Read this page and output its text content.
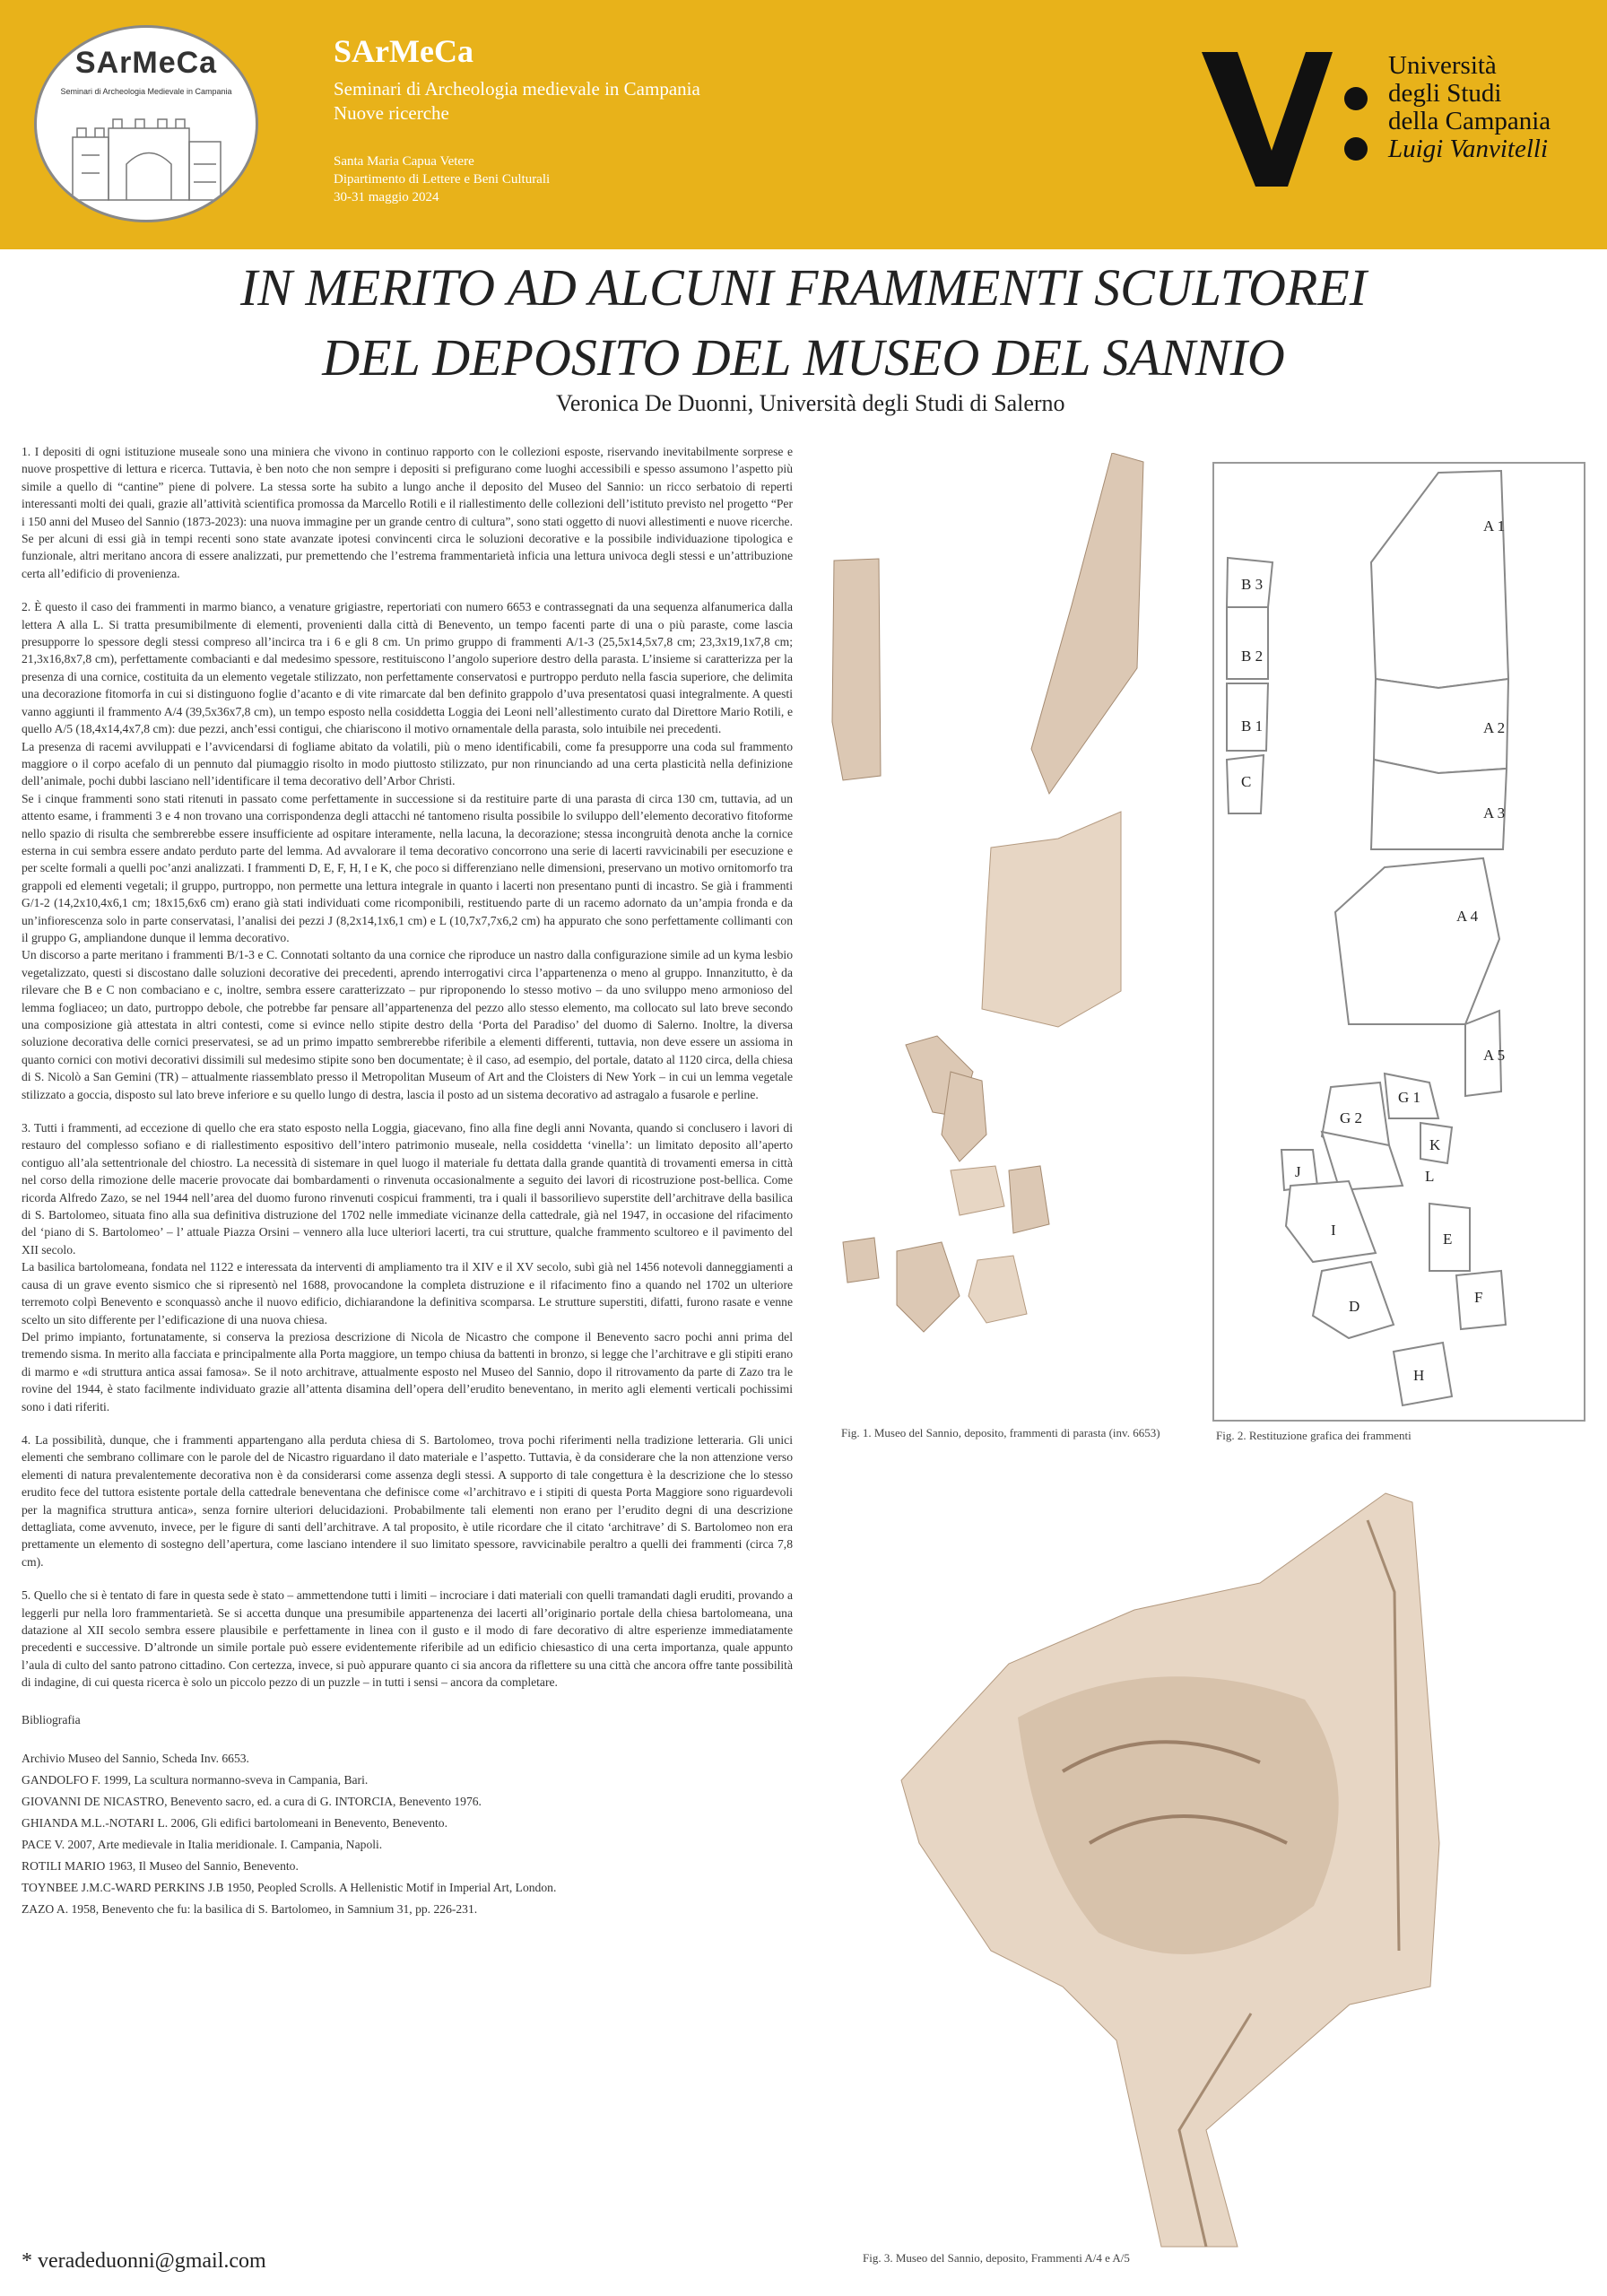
SArMeCa
Seminari di Archeologia Medievale in Campania
SArMeCa
Seminari di Archeologia medievale in Campania
Nuove ricerche
Santa Maria Capua Vetere
Dipartimento di Lettere e Beni Culturali
30-31 maggio 2024
Università
degli Studi
della Campania
Luigi Vanvitelli
IN MERITO AD ALCUNI FRAMMENTI SCULTOREI
DEL DEPOSITO DEL MUSEO DEL SANNIO
Veronica De Duonni, Università degli Studi di Salerno

1. I depositi di ogni istituzione museale sono una miniera che vivono in continuo rapporto con le collezioni esposte, riservando inevitabilmente sorprese e nuove prospettive di lettura e ricerca. Tuttavia, è ben noto che non sempre i depositi si prefigurano come luoghi accessibili e spesso assumono l’aspetto più simile a quello di “cantine” piene di polvere. La stessa sorte ha subito a lungo anche il deposito del Museo del Sannio: un ricco serbatoio di reperti interessanti molti dei quali, grazie all’attività scientifica promossa da Marcello Rotili e il riallestimento delle collezioni dell’istituto previsto nel progetto “Per i 150 anni del Museo del Sannio (1873-2023): una nuova immagine per un grande centro di cultura”, sono stati oggetto di nuovi allestimenti e nuove ricerche. Se per alcuni di essi già in tempi recenti sono state avanzate ipotesi convincenti circa le soluzioni decorative e la possibile individuazione tipologica e funzionale, altri meritano ancora di essere analizzati, pur premettendo che l’estrema frammentarietà inficia una lettura univoca degli stessi e un’attribuzione certa all’edificio di provenienza.

2. È questo il caso dei frammenti in marmo bianco, a venature grigiastre, repertoriati con numero 6653 e contrassegnati da una sequenza alfanumerica dalla lettera A alla L. Si tratta presumibilmente di elementi, provenienti dalla città di Benevento, un tempo facenti parte di una o più paraste, come lascia presupporre lo spessore degli stessi compreso all’incirca tra i 6 e gli 8 cm. Un primo gruppo di frammenti A/1-3 (25,5x14,5x7,8 cm; 23,3x19,1x7,8 cm; 21,3x16,8x7,8 cm), perfettamente combacianti e dal medesimo spessore, restituiscono l’angolo superiore destro della parasta. L’insieme si caratterizza per la presenza di una cornice, costituita da un elemento vegetale stilizzato, non perfettamente conservatosi e purtroppo perduto nella fascia superiore, che delimita una decorazione fitomorfa in cui si distinguono foglie d’acanto e di vite rimarcate dal ben definito grappolo d’uva presentatosi quasi integralmente. A questi vanno aggiunti il frammento A/4 (39,5x36x7,8 cm), un tempo esposto nella cosiddetta Loggia dei Leoni nell’allestimento curato dal Direttore Mario Rotili, e quello A/5 (18,4x14,4x7,8 cm): due pezzi, anch’essi contigui, che chiariscono il motivo ornamentale della parasta, solo intuibile nei precedenti.

La presenza di racemi avviluppati e l’avvicendarsi di fogliame abitato da volatili, più o meno identificabili, come fa presupporre una coda sul frammento maggiore o il corpo acefalo di un pennuto dal piumaggio risolto in modo piuttosto stilizzato, pur non rinunciando ad una certa plasticità nella definizione dell’animale, pochi dubbi lasciano nell’identificare il tema decorativo dell’Arbor Christi.

Se i cinque frammenti sono stati ritenuti in passato come perfettamente in successione si da restituire parte di una parasta di circa 130 cm, tuttavia, ad un attento esame, i frammenti 3 e 4 non trovano una corrispondenza degli attacchi né tantomeno risulta possibile lo sviluppo dell’elemento decorativo fitoforme nello spazio di risulta che sembrerebbe essere insufficiente ad ospitare interamente, nella lacuna, la decorazione; stessa incongruità denota anche la cornice esterna in cui sembra essere andato perduto parte del lemma. Ad avvalorare il tema decorativo concorrono una serie di lacerti ravvicinabili per esecuzione e per scelte formali a quelli poc’anzi analizzati. I frammenti D, E, F, H, I e K, che poco si differenziano nelle dimensioni, preservano un motivo ornitomorfo tra grappoli ed elementi vegetali; il gruppo, purtroppo, non permette una lettura integrale in quanto i lacerti non presentano punti di incastro. Se già i frammenti G/1-2 (14,2x10,4x6,1 cm; 18x15,6x6 cm) erano già stati individuati come ricomponibili, restituendo parte di un racemo adornato da un’ampia fronda e da un’infiorescenza solo in parte conservatasi, l’analisi dei pezzi J (8,2x14,1x6,1 cm) e L (10,7x7,7x6,2 cm) ha appurato che sono perfettamente collimanti con il gruppo G, ampliandone dunque il lemma decorativo.

Un discorso a parte meritano i frammenti B/1-3 e C. Connotati soltanto da una cornice che riproduce un nastro dalla configurazione simile ad un kyma lesbio vegetalizzato, questi si discostano dalle soluzioni decorative dei precedenti, aprendo interrogativi circa l’appartenenza o meno al gruppo. Innanzitutto, è da rilevare che B e C non combaciano e c, inoltre, sembra essere caratterizzato – pur riproponendo lo stesso motivo – da uno sviluppo meno armonioso del lemma fogliaceo; un dato, purtroppo debole, che potrebbe far pensare all’appartenenza del pezzo allo stesso elemento, ma collocato sul lato breve secondo una composizione già attestata in altri contesti, come si evince nello stipite destro della ‘Porta del Paradiso’ del duomo di Salerno. Inoltre, la diversa soluzione decorativa delle cornici preservatesi, se ad un primo impatto sembrerebbe riferibile a elementi differenti, tuttavia, non deve essere un assioma in quanto cornici con motivi decorativi dissimili sul medesimo stipite sono ben documentate; è il caso, ad esempio, del portale, datato al 1120 circa, della chiesa di S. Nicolò a San Gemini (TR) – attualmente riassemblato presso il Metropolitan Museum of Art and the Cloisters di New York – in cui un lemma vegetale stilizzato a goccia, disposto sul lato breve inferiore e su quello lungo di destra, lascia il posto ad un sistema decorativo ad astragalo a fusarole e perline.

3. Tutti i frammenti, ad eccezione di quello che era stato esposto nella Loggia, giacevano, fino alla fine degli anni Novanta, quando si conclusero i lavori di restauro del complesso sofiano e di riallestimento espositivo dell’intero patrimonio museale, nella cosiddetta ‘vinella’: un limitato deposito all’aperto contiguo all’ala settentrionale del chiostro. La necessità di sistemare in quel luogo il materiale fu dettata dalla grande quantità di trovamenti emersa in città nel corso della rimozione delle macerie provocate dai bombardamenti o rinvenuta occasionalmente a seguito dei lavori di ricostruzione post-bellica. Come ricorda Alfredo Zazo, se nel 1944 nell’area del duomo furono rinvenuti cospicui frammenti, tra i quali il bassorilievo superstite dell’architrave della basilica di S. Bartolomeo, situata fino alla sua definitiva distruzione del 1702 nelle immediate vicinanze della cattedrale, già nel 1947, in occasione del rifacimento del ‘piano di S. Bartolomeo’ – l’ attuale Piazza Orsini – vennero alla luce ulteriori lacerti, tra cui strutture, qualche frammento scultoreo e il pavimento del XII secolo.

La basilica bartolomeana, fondata nel 1122 e interessata da interventi di ampliamento tra il XIV e il XV secolo, subì già nel 1456 notevoli danneggiamenti a causa di un grave evento sismico che si ripresentò nel 1688, provocandone la completa distruzione e il rifacimento fino a quando nel 1702 un ulteriore terremoto colpì Benevento e sconquassò anche il nuovo edificio, dichiarandone la definitiva scomparsa. Le strutture superstiti, difatti, furono rasate e venne scelto un sito differente per l’edificazione di una nuova chiesa.

Del primo impianto, fortunatamente, si conserva la preziosa descrizione di Nicola de Nicastro che compone il Benevento sacro pochi anni prima del tremendo sisma. In merito alla facciata e principalmente alla Porta maggiore, un tempo chiusa da battenti in bronzo, si legge che l’architrave e gli stipiti erano di marmo e «di struttura antica assai famosa». Se il noto architrave, attualmente esposto nel Museo del Sannio, dopo il ritrovamento da parte di Zazo tra le rovine del 1944, è stato facilmente individuato grazie all’attenta disamina dell’opera dell’erudito beneventano, in merito agli elementi verticali pochissimi sono i dati riferiti.

4. La possibilità, dunque, che i frammenti appartengano alla perduta chiesa di S. Bartolomeo, trova pochi riferimenti nella tradizione letteraria. Gli unici elementi che sembrano collimare con le parole del de Nicastro riguardano il dato materiale e l’aspetto. Tuttavia, è da considerare che la non attenzione verso elementi di natura prevalentemente decorativa non è da considerarsi come assenza degli stessi. A supporto di tale congettura è la descrizione che lo stesso erudito fece del tuttora esistente portale della cattedrale beneventana che definisce come «l’architravo e i stipiti di questa Porta Maggiore sono riguardevoli per la magnifica struttura antica», senza fornire ulteriori delucidazioni. Probabilmente tali elementi non erano per l’erudito degni di una descrizione dettagliata, come avvenuto, invece, per le figure di santi dell’architrave. A tal proposito, è utile ricordare che il citato ‘architrave’ di S. Bartolomeo non era prettamente un elemento di sostegno dell’apertura, come lasciano intendere il suo limitato spessore, ravvicinabile peraltro a quelli dei frammenti (circa 7,8 cm).

5. Quello che si è tentato di fare in questa sede è stato – ammettendone tutti i limiti – incrociare i dati materiali con quelli tramandati dagli eruditi, provando a leggerli pur nella loro frammentarietà. Se si accetta dunque una presumibile appartenenza dei lacerti all’originario portale della chiesa bartolomeana, una datazione al XII secolo sembra essere plausibile e perfettamente in linea con il gusto e il modo di fare decorativo di altre esperienze immediatamente precedenti e successive. D’altronde un simile portale può essere evidentemente riferibile ad un edificio chiesastico di una certa importanza, quale appunto l’aula di culto del santo patrono cittadino. Con certezza, invece, si può appurare quanto ci sia ancora da riflettere su una città che ancora offre tante possibilità di indagine, di cui questa ricerca è solo un piccolo pezzo di un puzzle – in tutti i sensi – ancora da completare.

Bibliografia

Archivio Museo del Sannio, Scheda Inv. 6653.

GANDOLFO F. 1999, La scultura normanno-sveva in Campania, Bari.

GIOVANNI DE NICASTRO, Benevento sacro, ed. a cura di G. INTORCIA, Benevento 1976.

GHIANDA M.L.-NOTARI L. 2006, Gli edifici bartolomeani in Benevento, Benevento.

PACE V. 2007, Arte medievale in Italia meridionale. I. Campania, Napoli.

ROTILI MARIO 1963, Il Museo del Sannio, Benevento.

TOYNBEE J.M.C-WARD PERKINS J.B 1950, Peopled Scrolls. A Hellenistic Motif in Imperial Art, London.

ZAZO A. 1958, Benevento che fu: la basilica di S. Bartolomeo, in Samnium 31, pp. 226-231.

* veradeduonni@gmail.com
Fig. 1. Museo del Sannio, deposito, frammenti di parasta (inv. 6653)
A 1
A 2
A 3
A 4
A 5
B 3
B 2
B 1
C
G 1
G 2
J
K
L
I
E
D
F
H
Fig. 2. Restituzione grafica dei frammenti
Fig. 3. Museo del Sannio, deposito, Frammenti A/4 e A/5
